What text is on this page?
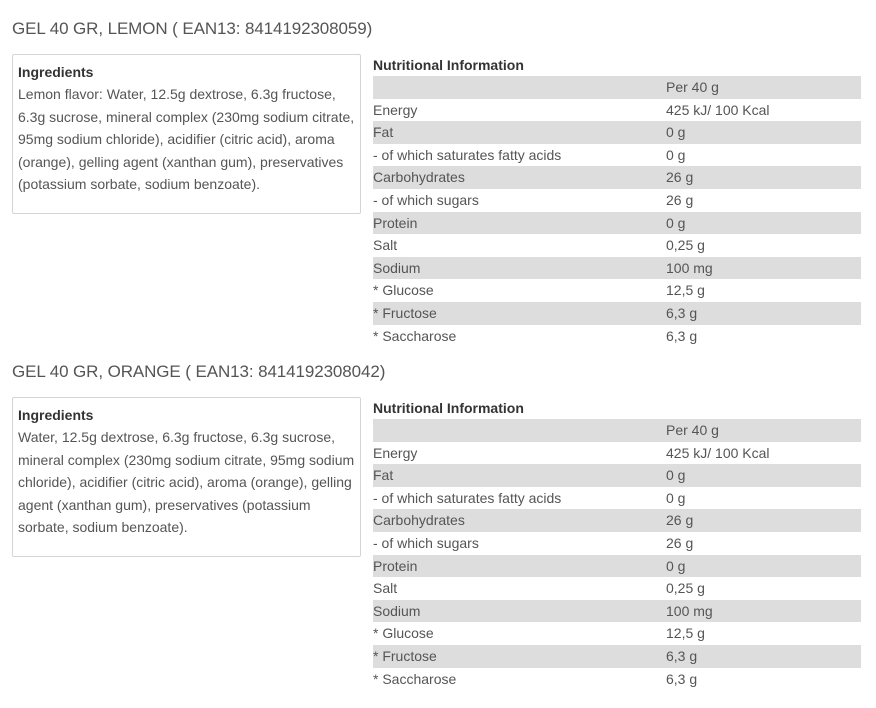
GEL 40 GR, LEMON ( EAN13: 8414192308059)
Ingredients
Lemon flavor: Water, 12.5g dextrose, 6.3g fructose, 6.3g sucrose, mineral complex (230mg sodium citrate, 95mg sodium chloride), acidifier (citric acid), aroma (orange), gelling agent (xanthan gum), preservatives (potassium sorbate, sodium benzoate).
Nutritional Information
	Per 40 g
Energy	425 kJ/ 100 Kcal
Fat	0 g
- of which saturates fatty acids	0 g
Carbohydrates	26 g
- of which sugars	26 g
Protein	0 g
Salt	0,25 g
Sodium	100 mg
* Glucose	12,5 g
* Fructose	6,3 g
* Saccharose	6,3 g
GEL 40 GR, ORANGE ( EAN13: 8414192308042)
Ingredients
Water, 12.5g dextrose, 6.3g fructose, 6.3g sucrose, mineral complex (230mg sodium citrate, 95mg sodium chloride), acidifier (citric acid), aroma (orange), gelling agent (xanthan gum), preservatives (potassium sorbate, sodium benzoate).
Nutritional Information
	Per 40 g
Energy	425 kJ/ 100 Kcal
Fat	0 g
- of which saturates fatty acids	0 g
Carbohydrates	26 g
- of which sugars	26 g
Protein	0 g
Salt	0,25 g
Sodium	100 mg
* Glucose	12,5 g
* Fructose	6,3 g
* Saccharose	6,3 g
